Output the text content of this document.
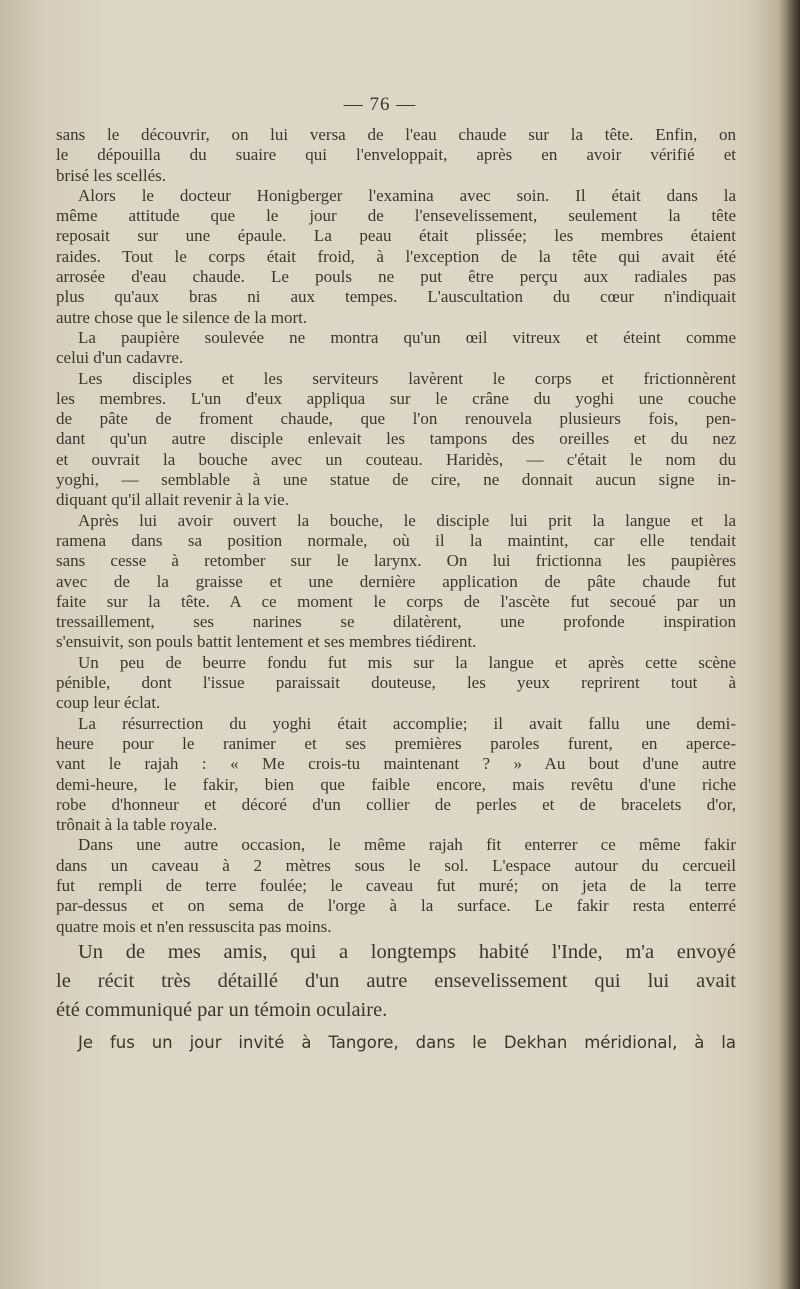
— 76 —
sans le découvrir, on lui versa de l'eau chaude sur la tête. Enfin, on
le dépouilla du suaire qui l'enveloppait, après en avoir vérifié et
brisé les scellés.
Alors le docteur Honigberger l'examina avec soin. Il était dans la
même attitude que le jour de l'ensevelissement, seulement la tête
reposait sur une épaule. La peau était plissée; les membres étaient
raides. Tout le corps était froid, à l'exception de la tête qui avait été
arrosée d'eau chaude. Le pouls ne put être perçu aux radiales pas
plus qu'aux bras ni aux tempes. L'auscultation du cœur n'indiquait
autre chose que le silence de la mort.
La paupière soulevée ne montra qu'un œil vitreux et éteint comme
celui d'un cadavre.
Les disciples et les serviteurs lavèrent le corps et frictionnèrent
les membres. L'un d'eux appliqua sur le crâne du yoghi une couche
de pâte de froment chaude, que l'on renouvela plusieurs fois, pen-
dant qu'un autre disciple enlevait les tampons des oreilles et du nez
et ouvrait la bouche avec un couteau. Haridès, — c'était le nom du
yoghi, — semblable à une statue de cire, ne donnait aucun signe in-
diquant qu'il allait revenir à la vie.
Après lui avoir ouvert la bouche, le disciple lui prit la langue et la
ramena dans sa position normale, où il la maintint, car elle tendait
sans cesse à retomber sur le larynx. On lui frictionna les paupières
avec de la graisse et une dernière application de pâte chaude fut
faite sur la tête. A ce moment le corps de l'ascète fut secoué par un
tressaillement, ses narines se dilatèrent, une profonde inspiration
s'ensuivit, son pouls battit lentement et ses membres tiédirent.
Un peu de beurre fondu fut mis sur la langue et après cette scène
pénible, dont l'issue paraissait douteuse, les yeux reprirent tout à
coup leur éclat.
La résurrection du yoghi était accomplie; il avait fallu une demi-
heure pour le ranimer et ses premières paroles furent, en aperce-
vant le rajah : « Me crois-tu maintenant ? » Au bout d'une autre
demi-heure, le fakir, bien que faible encore, mais revêtu d'une riche
robe d'honneur et décoré d'un collier de perles et de bracelets d'or,
trônait à la table royale.
Dans une autre occasion, le même rajah fit enterrer ce même fakir
dans un caveau à 2 mètres sous le sol. L'espace autour du cercueil
fut rempli de terre foulée; le caveau fut muré; on jeta de la terre
par-dessus et on sema de l'orge à la surface. Le fakir resta enterré
quatre mois et n'en ressuscita pas moins.
Un de mes amis, qui a longtemps habité l'Inde, m'a envoyé
le récit très détaillé d'un autre ensevelissement qui lui avait
été communiqué par un témoin oculaire.
Je fus un jour invité à Tangore, dans le Dekhan méridional, à la
